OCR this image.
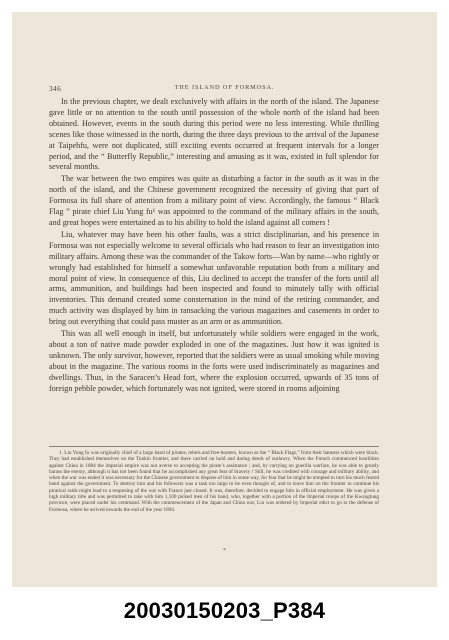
346	THE ISLAND OF FORMOSA.

In the previous chapter, we dealt exclusively with affairs in the north of the island. The Japanese gave little or no attention to the south until possession of the whole north of the island had been obtained. However, events in the south during this period were no less interesting. While thrilling scenes like those witnessed in the north, during the three days previous to the arrival of the Japanese at Taipehfu, were not duplicated, still exciting events occurred at frequent intervals for a longer period, and the “ Butterfly Republic,” interesting and amusing as it was, existed in full splendor for several months.

The war between the two empires was quite as disturbing a factor in the south as it was in the north of the island, and the Chinese government recognized the necessity of giving that part of Formosa its full share of attention from a military point of view. Accordingly, the famous “ Black Flag ” pirate chief Liu Yung fu¹ was appointed to the command of the military affairs in the south, and great hopes were entertained as to his ability to hold the island against all comers !

Liu, whatever may have been his other faults, was a strict disciplinarian, and his presence in Formosa was not especially welcome to several officials who had reason to fear an investigation into military affairs. Among these was the commander of the Takow forts—Wan by name—who rightly or wrongly had established for himself a somewhat unfavorable reputation both from a military and moral point of view. In consequence of this, Liu declined to accept the transfer of the forts until all arms, ammunition, and buildings had been inspected and found to minutely tally with official inventories. This demand created some consternation in the mind of the retiring commander, and much activity was displayed by him in ransacking the various magazines and casements in order to bring out everything that could pass muster as an arm or as ammunition.

This was all well enough in itself, but unfortunately while soldiers were engaged in the work, about a ton of native made powder exploded in one of the magazines. Just how it was ignited is unknown. The only survivor, however, reported that the soldiers were as usual smoking while moving about in the magazine. The various rooms in the forts were used indiscriminately as magazines and dwellings. Thus, in the Saracen’s Head fort, where the explosion occurred, upwards of 35 tons of foreign pebble powder, which fortunately was not ignited, were stored in rooms adjoining

1. Liu Yung fu was originally chief of a large band of pirates, rebels and free-booters, known as the “ Black Flags,” from their banners which were black. They had established themselves on the Tonkin frontier, and there carried on bold and daring deeds of outlawry. When the French commenced hostilities against China in 1884 the imperial empire was not averse to accepting the pirate’s assistance ; and, by carrying on guerilla warfare, he was able to greatly harass the enemy, although it has not been found that he accomplished any great feat of bravery ! Still, he was credited with courage and military ability, and when the war was ended it was necessary for the Chinese government to dispose of him in some way, for fear that he might be tempted to turn his much feared band against the government. To destroy him and his followers was a task too large to be even thought of, and to leave him on the frontier to continue his piratical raids might lead to a reopening of the war with France just closed. It was, therefore, decided to engage him in official employment. He was given a high military title and was permitted to take with him 1,100 picked men of his band, who, together with a portion of the Imperial troops of the Kwangtung province, were placed under his command. With the commencement of the Japan and China war, Liu was ordered by Imperial edict to go to the defense of Formosa, where he arrived towards the end of the year 1894.
*
20030150203_P384
